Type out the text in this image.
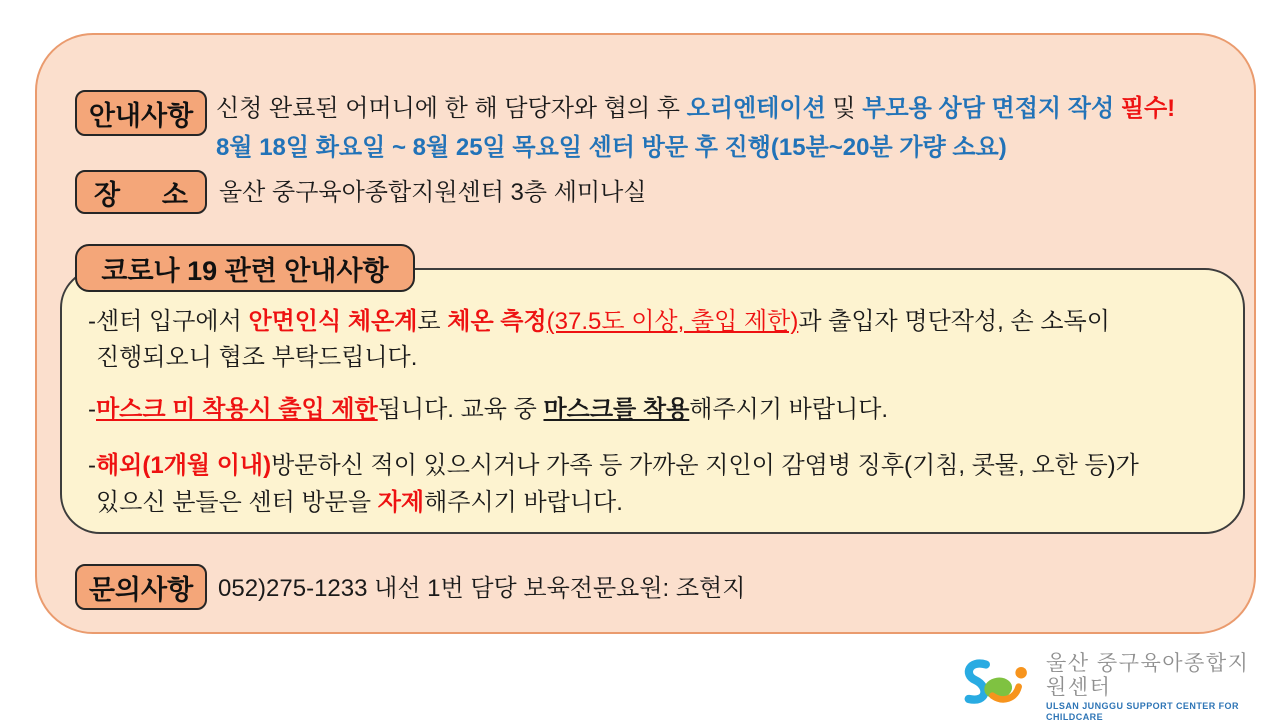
안내사항 신청 완료된 어머니에 한 해 담당자와 협의 후 오리엔테이션 및 부모용 상담 면접지 작성 필수!
8월 18일 화요일 ~ 8월 25일 목요일 센터 방문 후 진행(15분~20분 가량 소요)
장 소 울산 중구육아종합지원센터 3층 세미나실
코로나 19 관련 안내사항
-센터 입구에서 안면인식 체온계로 체온 측정(37.5도 이상, 출입 제한)과 출입자 명단작성, 손 소독이
진행되오니 협조 부탁드립니다.
-마스크 미 착용시 출입 제한됩니다. 교육 중 마스크를 착용해주시기 바랍니다.
-해외(1개월 이내)방문하신 적이 있으시거나 가족 등 가까운 지인이 감염병 징후(기침, 콧물, 오한 등)가
있으신 분들은 센터 방문을 자제해주시기 바랍니다.
문의사항 052)275-1233 내선 1번 담당 보육전문요원: 조현지
울산 중구육아종합지원센터
ULSAN JUNGGU SUPPORT CENTER FOR CHILDCARE
